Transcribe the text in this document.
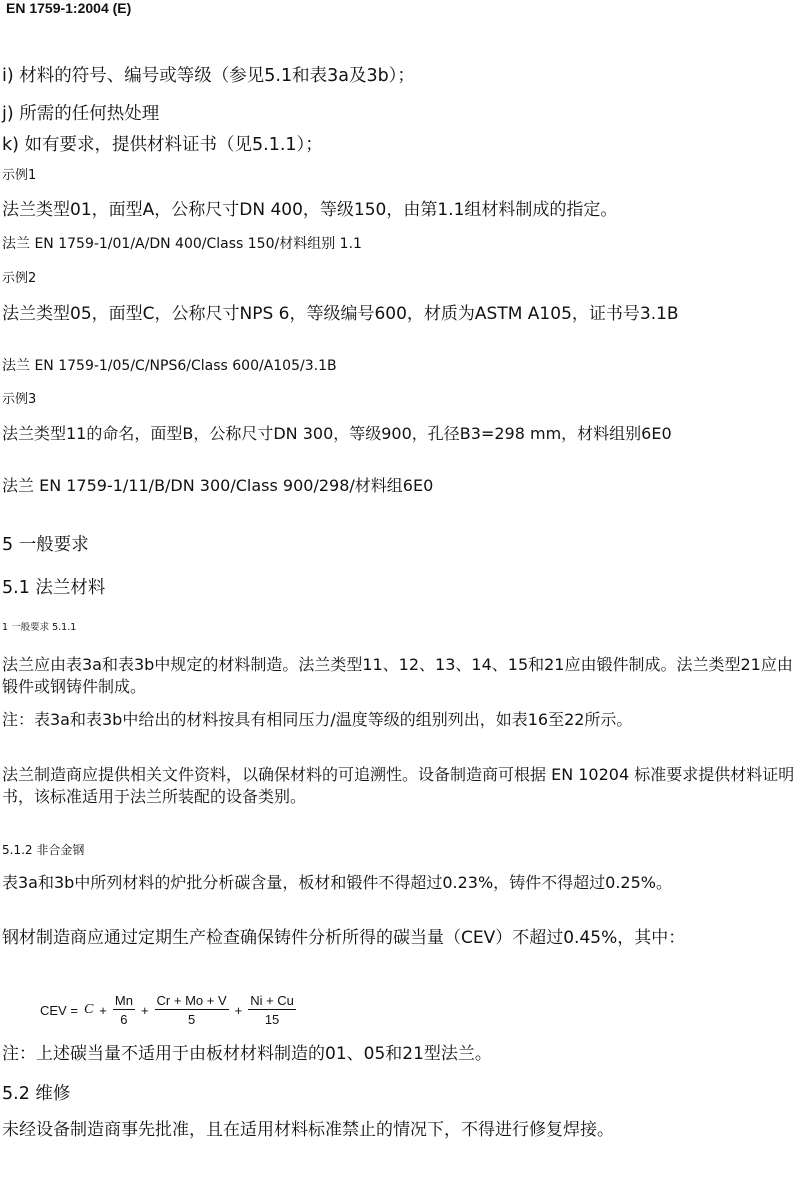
EN 1759-1:2004 (E)

i) 材料的符号、编号或等级（参见5.1和表3a及3b）；

j) 所需的任何热处理

k) 如有要求，提供材料证书（见5.1.1）；

示例1

法兰类型01，面型A，公称尺寸DN 400，等级150，由第1.1组材料制成的指定。

法兰 EN 1759-1/01/A/DN 400/Class 150/材料组别 1.1

示例2

法兰类型05，面型C，公称尺寸NPS 6，等级编号600，材质为ASTM A105，证书号3.1B

法兰 EN 1759-1/05/C/NPS6/Class 600/A105/3.1B

示例3

法兰类型11的命名，面型B，公称尺寸DN 300，等级900，孔径B3=298 mm，材料组别6E0

法兰 EN 1759-1/11/B/DN 300/Class 900/298/材料组6E0

5 一般要求

5.1 法兰材料

1 一般要求 5.1.1

法兰应由表3a和表3b中规定的材料制造。法兰类型11、12、13、14、15和21应由锻件制成。法兰类型21应由锻件或钢铸件制成。

注：表3a和表3b中给出的材料按具有相同压力/温度等级的组别列出，如表16至22所示。

法兰制造商应提供相关文件资料，以确保材料的可追溯性。设备制造商可根据 EN 10204 标准要求提供材料证明书，该标准适用于法兰所装配的设备类别。

5.1.2 非合金钢

表3a和3b中所列材料的炉批分析碳含量，板材和锻件不得超过0.23%，铸件不得超过0.25%。

钢材制造商应通过定期生产检查确保铸件分析所得的碳当量（CEV）不超过0.45%，其中：

CEV = $C + \frac{Mn}{6} + \frac{Cr + Mo + V}{5} + \frac{Ni + Cu}{15}$

注：上述碳当量不适用于由板材材料制造的01、05和21型法兰。

5.2 维修

未经设备制造商事先批准，且在适用材料标准禁止的情况下，不得进行修复焊接。
